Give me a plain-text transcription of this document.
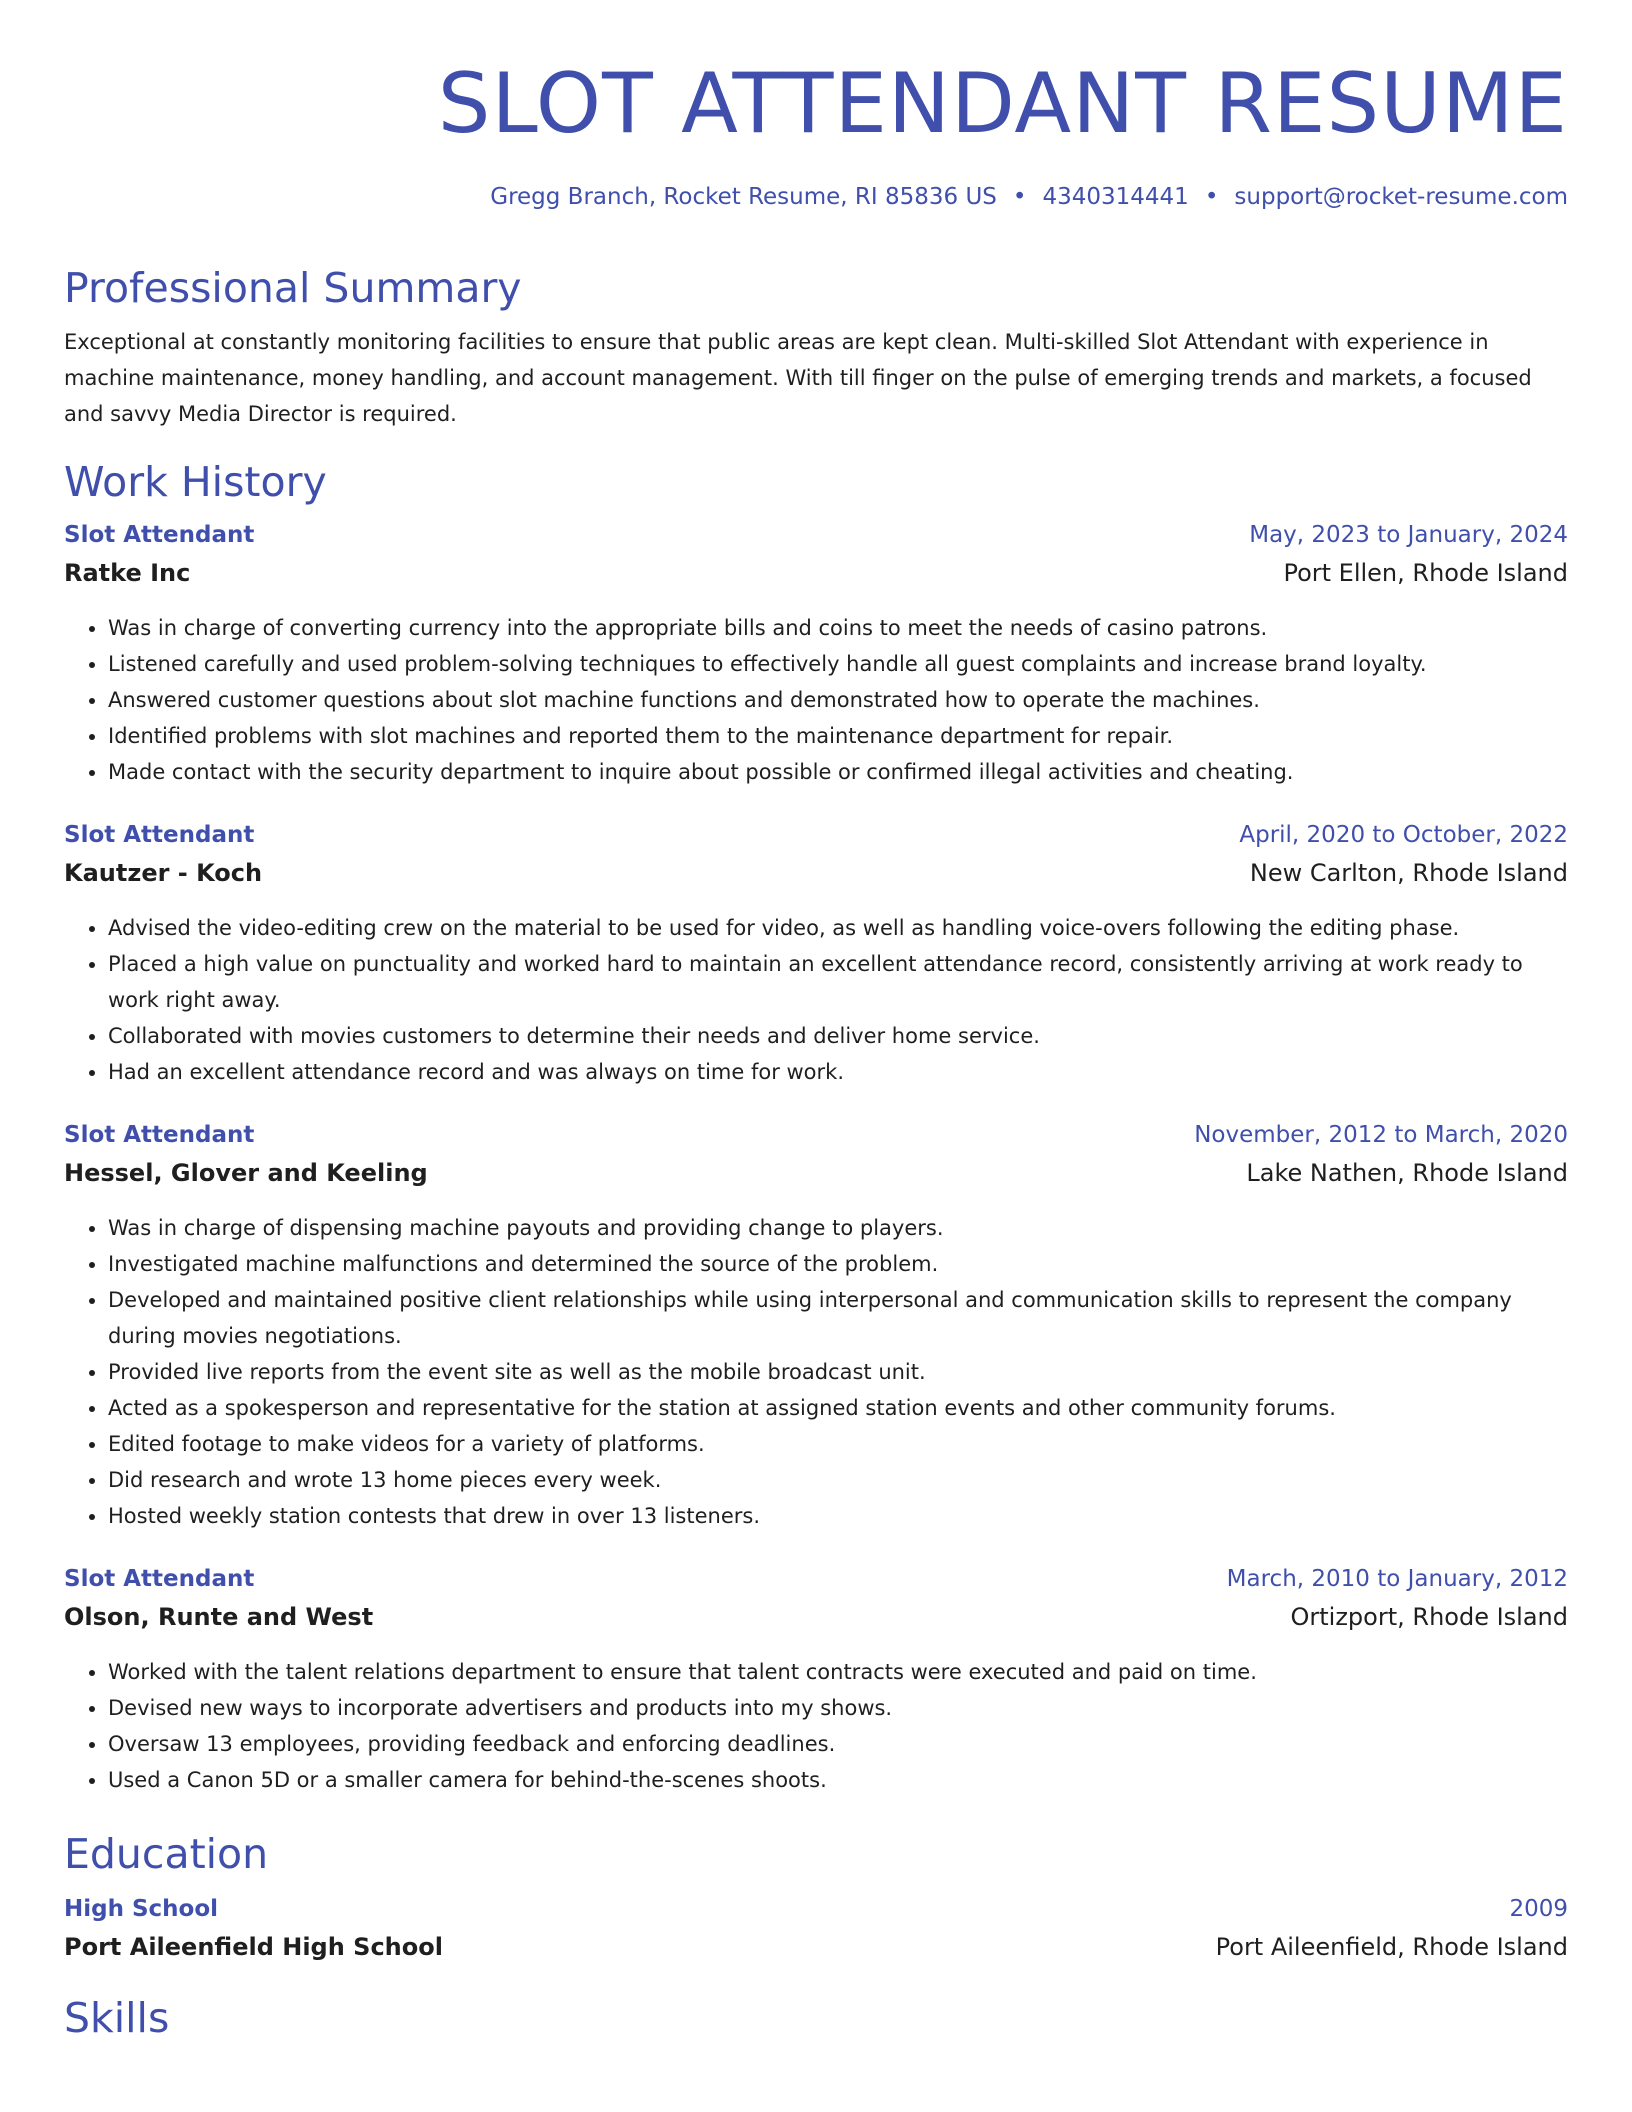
SLOT ATTENDANT RESUME
Gregg Branch, Rocket Resume, RI 85836 US • 4340314441 • support@rocket-resume.com
Professional Summary

Exceptional at constantly monitoring facilities to ensure that public areas are kept clean. Multi-skilled Slot Attendant with experience in machine maintenance, money handling, and account management. With till finger on the pulse of emerging trends and markets, a focused and savvy Media Director is required.

Work History
Slot Attendant	May, 2023 to January, 2024
Ratke Inc	Port Ellen, Rhode Island
• Was in charge of converting currency into the appropriate bills and coins to meet the needs of casino patrons.
• Listened carefully and used problem-solving techniques to effectively handle all guest complaints and increase brand loyalty.
• Answered customer questions about slot machine functions and demonstrated how to operate the machines.
• Identified problems with slot machines and reported them to the maintenance department for repair.
• Made contact with the security department to inquire about possible or confirmed illegal activities and cheating.
Slot Attendant	April, 2020 to October, 2022
Kautzer - Koch	New Carlton, Rhode Island
• Advised the video-editing crew on the material to be used for video, as well as handling voice-overs following the editing phase.
• Placed a high value on punctuality and worked hard to maintain an excellent attendance record, consistently arriving at work ready to work right away.
• Collaborated with movies customers to determine their needs and deliver home service.
• Had an excellent attendance record and was always on time for work.
Slot Attendant	November, 2012 to March, 2020
Hessel, Glover and Keeling	Lake Nathen, Rhode Island
• Was in charge of dispensing machine payouts and providing change to players.
• Investigated machine malfunctions and determined the source of the problem.
• Developed and maintained positive client relationships while using interpersonal and communication skills to represent the company during movies negotiations.
• Provided live reports from the event site as well as the mobile broadcast unit.
• Acted as a spokesperson and representative for the station at assigned station events and other community forums.
• Edited footage to make videos for a variety of platforms.
• Did research and wrote 13 home pieces every week.
• Hosted weekly station contests that drew in over 13 listeners.
Slot Attendant	March, 2010 to January, 2012
Olson, Runte and West	Ortizport, Rhode Island
• Worked with the talent relations department to ensure that talent contracts were executed and paid on time.
• Devised new ways to incorporate advertisers and products into my shows.
• Oversaw 13 employees, providing feedback and enforcing deadlines.
• Used a Canon 5D or a smaller camera for behind-the-scenes shoots.
Education
High School	2009
Port Aileenfield High School	Port Aileenfield, Rhode Island
Skills
